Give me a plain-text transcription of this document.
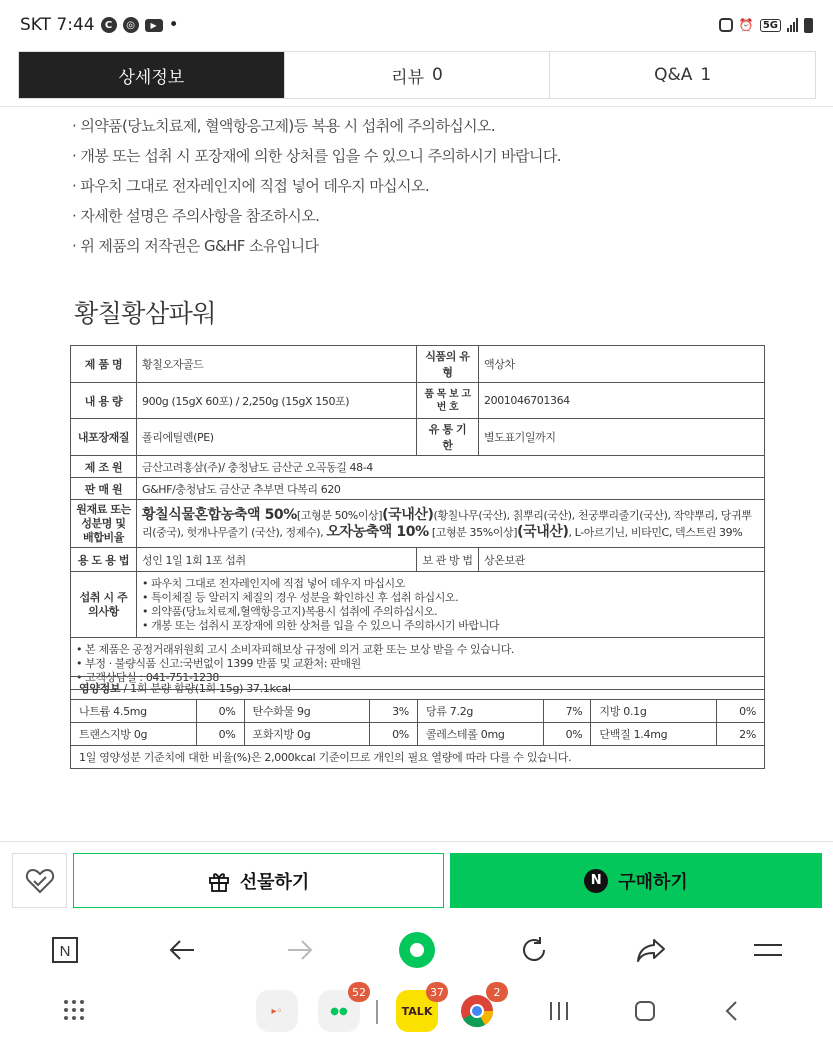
SKT 7:44	C	◎	▶ •	⏰ 5G
상세정보	리뷰 0	Q&A 1
· 의약품(당뇨치료제, 혈액항응고제)등 복용 시 섭취에 주의하십시오.
· 개봉 또는 섭취 시 포장재에 의한 상처를 입을 수 있으니 주의하시기 바랍니다.
· 파우치 그대로 전자레인지에 직접 넣어 데우지 마십시오.
· 자세한 설명은 주의사항을 참조하시오.
· 위 제품의 저작권은 G&HF 소유입니다
황칠황삼파워
제 품 명	황칠오자골드	식품의 유형	액상차
내 용 량	900g (15gX 60포) / 2,250g (15gX 150포)	품 목 보 고 번 호	2001046701364
내포장재질	폴리에틸렌(PE)	유 통 기 한	별도표기일까지
제 조 원	금산고려홍삼(주)/ 충청남도 금산군 오곡동길 48-4		
판 매 원	G&HF/충청남도 금산군 추부면 다복리 620		
원재료 또는 성분명 및 배합비율	황칠식물혼합농축액 50%[고형분 50%이상](국내산)(황칠나무(국산), 칡뿌리(국산), 천궁뿌리줄기(국산), 작약뿌리, 당귀뿌리(중국), 헛개나무줄기 (국산), 정제수), 오자농축액 10% [고형분 35%이상](국내산), L-아르기닌, 비타민C, 덱스트린 39%		
용 도 용 법	성인 1일 1회 1포 섭취	보 관 방 법	상온보관
섭취 시 주의사항	• 파우치 그대로 전자레인지에 직접 넣어 데우지 마십시오
• 특이체질 등 알러지 체질의 경우 성분을 확인하신 후 섭취 하십시오.
• 의약품(당뇨치료제,혈액항응고지)복용시 섭취에 주의하십시오.
• 개봉 또는 섭취시 포장재에 의한 상처를 입을 수 있으니 주의하시기 바랍니다		

• 본 제품은 공정거래위원회 고시 소비자피해보상 규정에 의거 교환 또는 보상 받을 수 있습니다.
• 부정 · 불량식품 신고:국번없이 1399 반품 및 교환처: 판매원
• 고객상담실 : 041-751-1238			
영양정보 / 1회 분량 함량(1회 15g) 37.1kcal							
나트륨 4.5mg	0%	탄수화물 9g	3%	당류 7.2g	7%	지방 0.1g	0%
트랜스지방 0g	0%	포화지방 0g	0%	콜레스테롤 0mg	0%	단백질 1.4mg	2%
1일 영양성분 기준치에 대한 비율(%)은 2,000kcal 기준이므로 개인의 필요 열량에 따라 다를 수 있습니다.							
선물하기	N 구매하기
N
▸◦	●●
52
TALK
37	2
